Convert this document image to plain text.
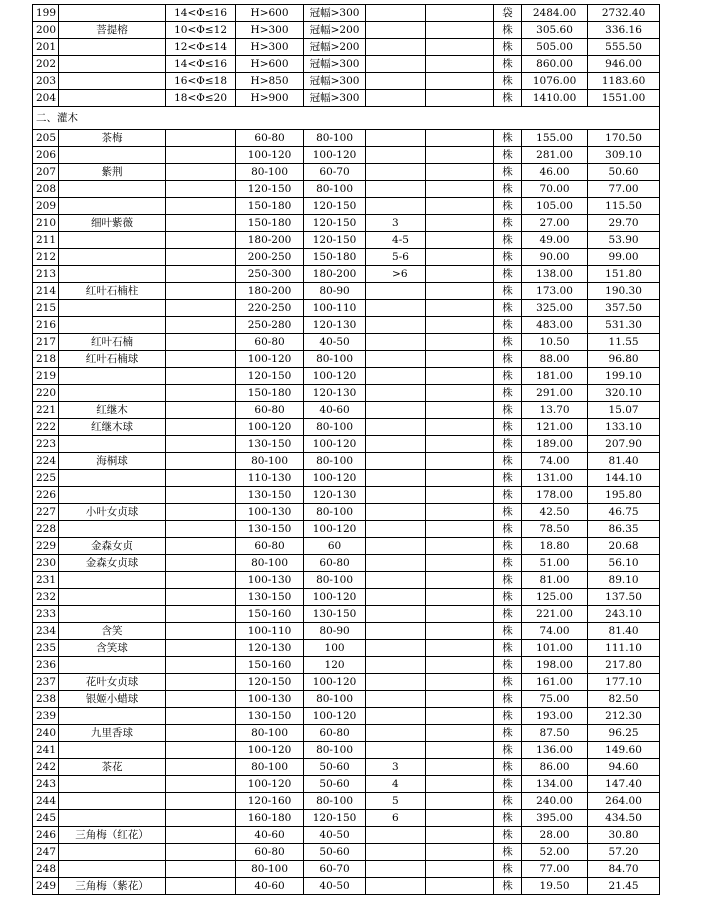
199		14<Φ≤16	H>600	冠幅>300			袋	2484.00	2732.40
200	菩提榕	10<Φ≤12	H>300	冠幅>200			株	305.60	336.16
201		12<Φ≤14	H>300	冠幅>200			株	505.00	555.50
202		14<Φ≤16	H>600	冠幅>300			株	860.00	946.00
203		16<Φ≤18	H>850	冠幅>300			株	1076.00	1183.60
204		18<Φ≤20	H>900	冠幅>300			株	1410.00	1551.00
二、灌木									
205	茶梅		60-80	80-100			株	155.00	170.50
206			100-120	100-120			株	281.00	309.10
207	紫荆		80-100	60-70			株	46.00	50.60
208			120-150	80-100			株	70.00	77.00
209			150-180	120-150			株	105.00	115.50
210	细叶紫薇		150-180	120-150	3		株	27.00	29.70
211			180-200	120-150	4-5		株	49.00	53.90
212			200-250	150-180	5-6		株	90.00	99.00
213			250-300	180-200	>6		株	138.00	151.80
214	红叶石楠柱		180-200	80-90			株	173.00	190.30
215			220-250	100-110			株	325.00	357.50
216			250-280	120-130			株	483.00	531.30
217	红叶石楠		60-80	40-50			株	10.50	11.55
218	红叶石楠球		100-120	80-100			株	88.00	96.80
219			120-150	100-120			株	181.00	199.10
220			150-180	120-130			株	291.00	320.10
221	红继木		60-80	40-60			株	13.70	15.07
222	红继木球		100-120	80-100			株	121.00	133.10
223			130-150	100-120			株	189.00	207.90
224	海桐球		80-100	80-100			株	74.00	81.40
225			110-130	100-120			株	131.00	144.10
226			130-150	120-130			株	178.00	195.80
227	小叶女贞球		100-130	80-100			株	42.50	46.75
228			130-150	100-120			株	78.50	86.35
229	金森女贞		60-80	60			株	18.80	20.68
230	金森女贞球		80-100	60-80			株	51.00	56.10
231			100-130	80-100			株	81.00	89.10
232			130-150	100-120			株	125.00	137.50
233			150-160	130-150			株	221.00	243.10
234	含笑		100-110	80-90			株	74.00	81.40
235	含笑球		120-130	100			株	101.00	111.10
236			150-160	120			株	198.00	217.80
237	花叶女贞球		120-150	100-120			株	161.00	177.10
238	银姬小蜡球		100-130	80-100			株	75.00	82.50
239			130-150	100-120			株	193.00	212.30
240	九里香球		80-100	60-80			株	87.50	96.25
241			100-120	80-100			株	136.00	149.60
242	茶花		80-100	50-60	3		株	86.00	94.60
243			100-120	50-60	4		株	134.00	147.40
244			120-160	80-100	5		株	240.00	264.00
245			160-180	120-150	6		株	395.00	434.50
246	三角梅（红花）		40-60	40-50			株	28.00	30.80
247			60-80	50-60			株	52.00	57.20
248			80-100	60-70			株	77.00	84.70
249	三角梅（紫花）		40-60	40-50			株	19.50	21.45
